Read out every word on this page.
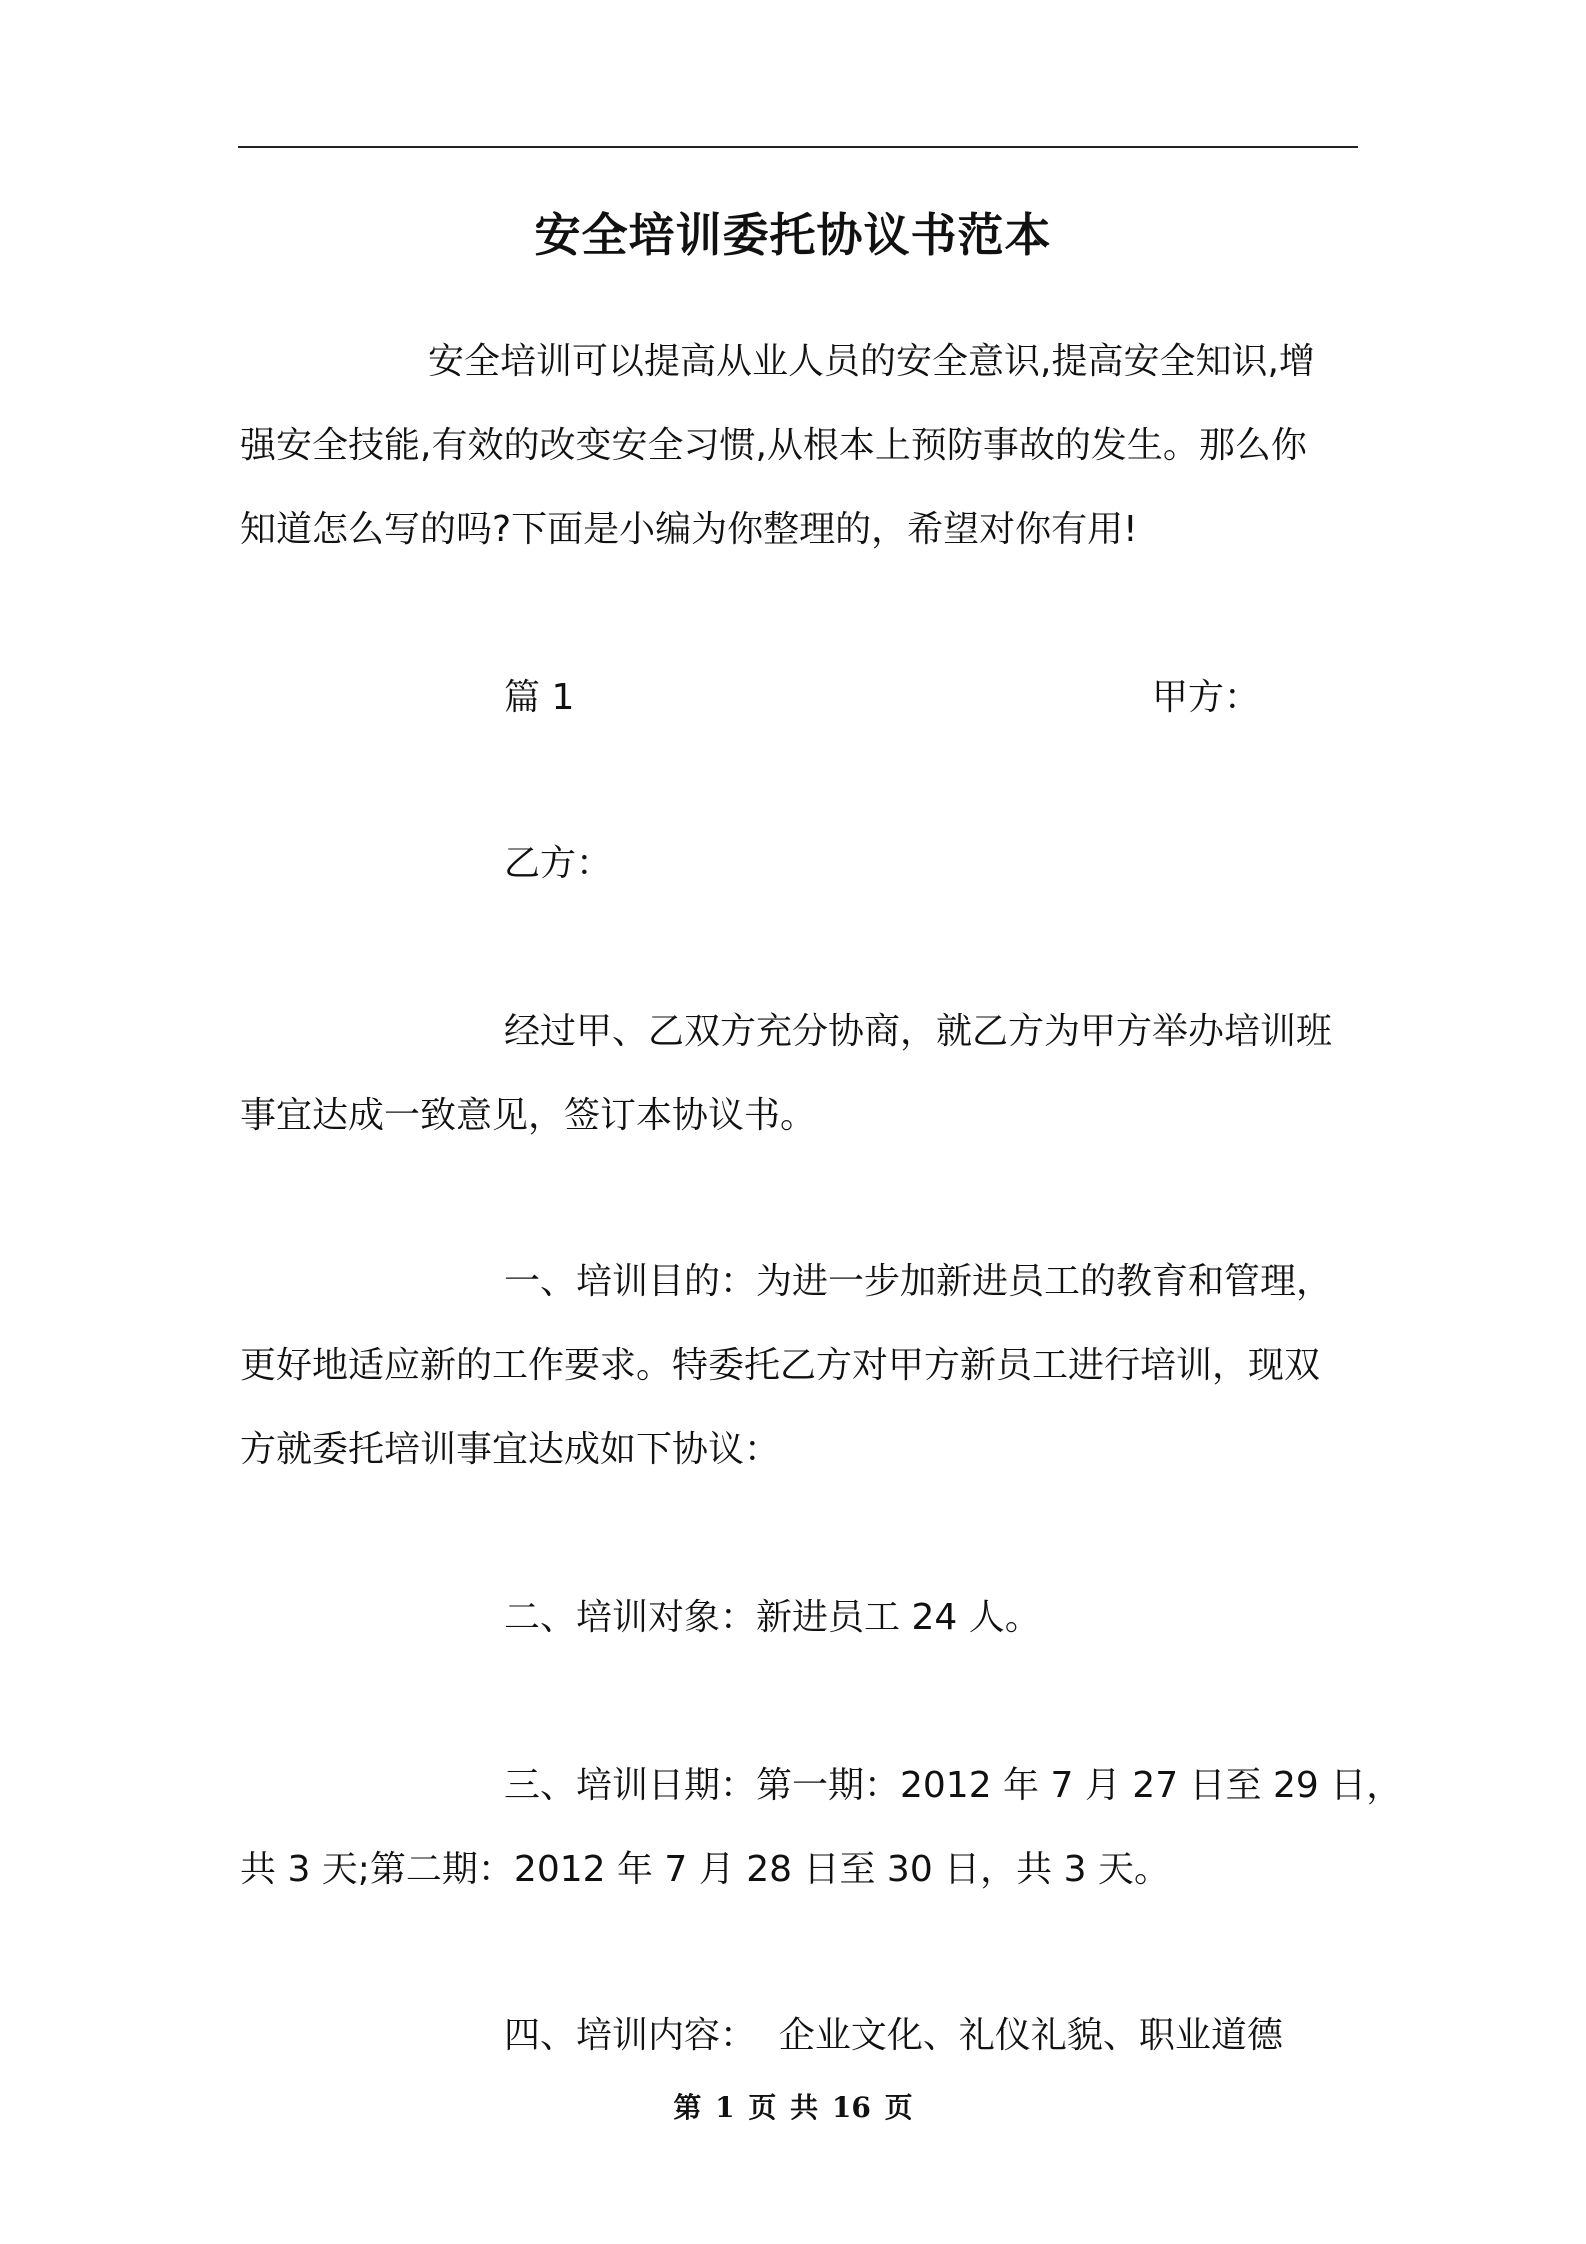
安全培训委托协议书范本

安全培训可以提高从业人员的安全意识,提高安全知识,增

强安全技能,有效的改变安全习惯,从根本上预防事故的发生。那么你

知道怎么写的吗?下面是小编为你整理的，希望对你有用!

篇 1	甲方：

乙方：

经过甲、乙双方充分协商，就乙方为甲方举办培训班

事宜达成一致意见，签订本协议书。

一、培训目的：为进一步加新进员工的教育和管理，

更好地适应新的工作要求。特委托乙方对甲方新员工进行培训，现双

方就委托培训事宜达成如下协议：

二、培训对象：新进员工 24 人。

三、培训日期：第一期：2012 年 7 月 27 日至 29 日，

共 3 天;第二期：2012 年 7 月 28 日至 30 日，共 3 天。

四、培训内容：  企业文化、礼仪礼貌、职业道德

第 1 页 共 16 页
